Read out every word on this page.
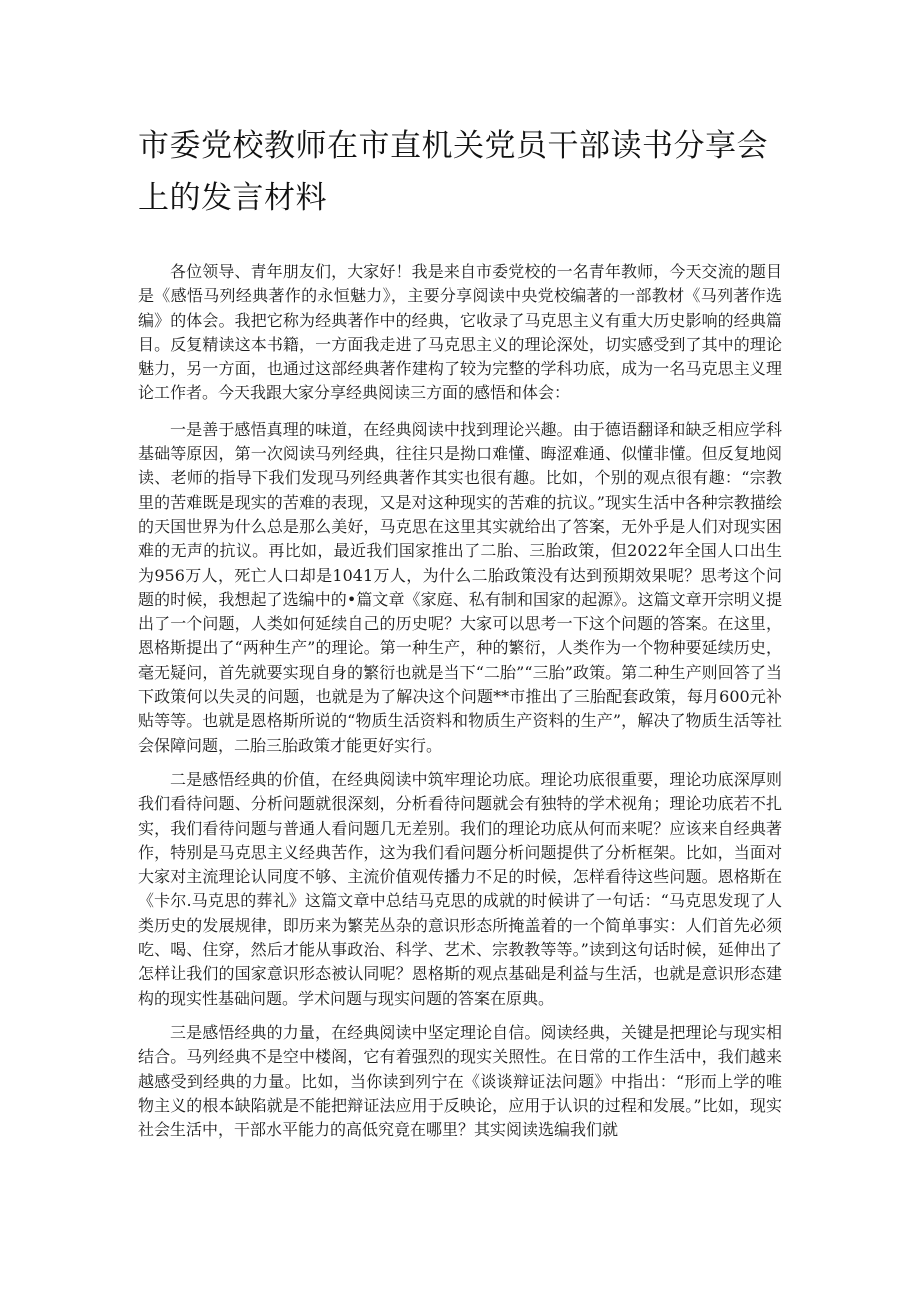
市委党校教师在市直机关党员干部读书分享会上的发言材料

各位领导、青年朋友们，大家好！我是来自市委党校的一名青年教师，今天交流的题目是《感悟马列经典著作的永恒魅力》，主要分享阅读中央党校编著的一部教材《马列著作选编》的体会。我把它称为经典著作中的经典，它收录了马克思主义有重大历史影响的经典篇目。反复精读这本书籍，一方面我走进了马克思主义的理论深处，切实感受到了其中的理论魅力，另一方面，也通过这部经典著作建构了较为完整的学科功底，成为一名马克思主义理论工作者。今天我跟大家分享经典阅读三方面的感悟和体会：

一是善于感悟真理的味道，在经典阅读中找到理论兴趣。由于德语翻译和缺乏相应学科基础等原因，第一次阅读马列经典，往往只是拗口难懂、晦涩难通、似懂非懂。但反复地阅读、老师的指导下我们发现马列经典著作其实也很有趣。比如，个别的观点很有趣：“宗教里的苦难既是现实的苦难的表现，又是对这种现实的苦难的抗议。”现实生活中各种宗教描绘的天国世界为什么总是那么美好，马克思在这里其实就给出了答案，无外乎是人们对现实困难的无声的抗议。再比如，最近我们国家推出了二胎、三胎政策，但2022年全国人口出生为956万人，死亡人口却是1041万人，为什么二胎政策没有达到预期效果呢？思考这个问题的时候，我想起了选编中的•篇文章《家庭、私有制和国家的起源》。这篇文章开宗明义提出了一个问题，人类如何延续自己的历史呢？大家可以思考一下这个问题的答案。在这里，恩格斯提出了“两种生产”的理论。第一种生产，种的繁衍，人类作为一个物种要延续历史，毫无疑问，首先就要实现自身的繁衍也就是当下“二胎”“三胎”政策。第二种生产则回答了当下政策何以失灵的问题，也就是为了解决这个问题**市推出了三胎配套政策，每月600元补贴等等。也就是恩格斯所说的“物质生活资料和物质生产资料的生产”，解决了物质生活等社会保障问题，二胎三胎政策才能更好实行。

二是感悟经典的价值，在经典阅读中筑牢理论功底。理论功底很重要，理论功底深厚则我们看待问题、分析问题就很深刻，分析看待问题就会有独特的学术视角；理论功底若不扎实，我们看待问题与普通人看问题几无差别。我们的理论功底从何而来呢？应该来自经典著作，特别是马克思主义经典苦作，这为我们看问题分析问题提供了分析框架。比如，当面对大家对主流理论认同度不够、主流价值观传播力不足的时候，怎样看待这些问题。恩格斯在《卡尔.马克思的葬礼》这篇文章中总结马克思的成就的时候讲了一句话：“马克思发现了人类历史的发展规律，即历来为繁芜丛杂的意识形态所掩盖着的一个简单事实：人们首先必须吃、喝、住穿，然后才能从事政治、科学、艺术、宗教教等等。”读到这句话时候，延伸出了怎样让我们的国家意识形态被认同呢？恩格斯的观点基础是利益与生活，也就是意识形态建构的现实性基础问题。学术问题与现实问题的答案在原典。

三是感悟经典的力量，在经典阅读中坚定理论自信。阅读经典，关键是把理论与现实相结合。马列经典不是空中楼阁，它有着强烈的现实关照性。在日常的工作生活中，我们越来越感受到经典的力量。比如，当你读到列宁在《谈谈辩证法问题》中指出：“形而上学的唯物主义的根本缺陷就是不能把辩证法应用于反映论，应用于认识的过程和发展。”比如，现实社会生活中，干部水平能力的高低究竟在哪里？其实阅读选编我们就
